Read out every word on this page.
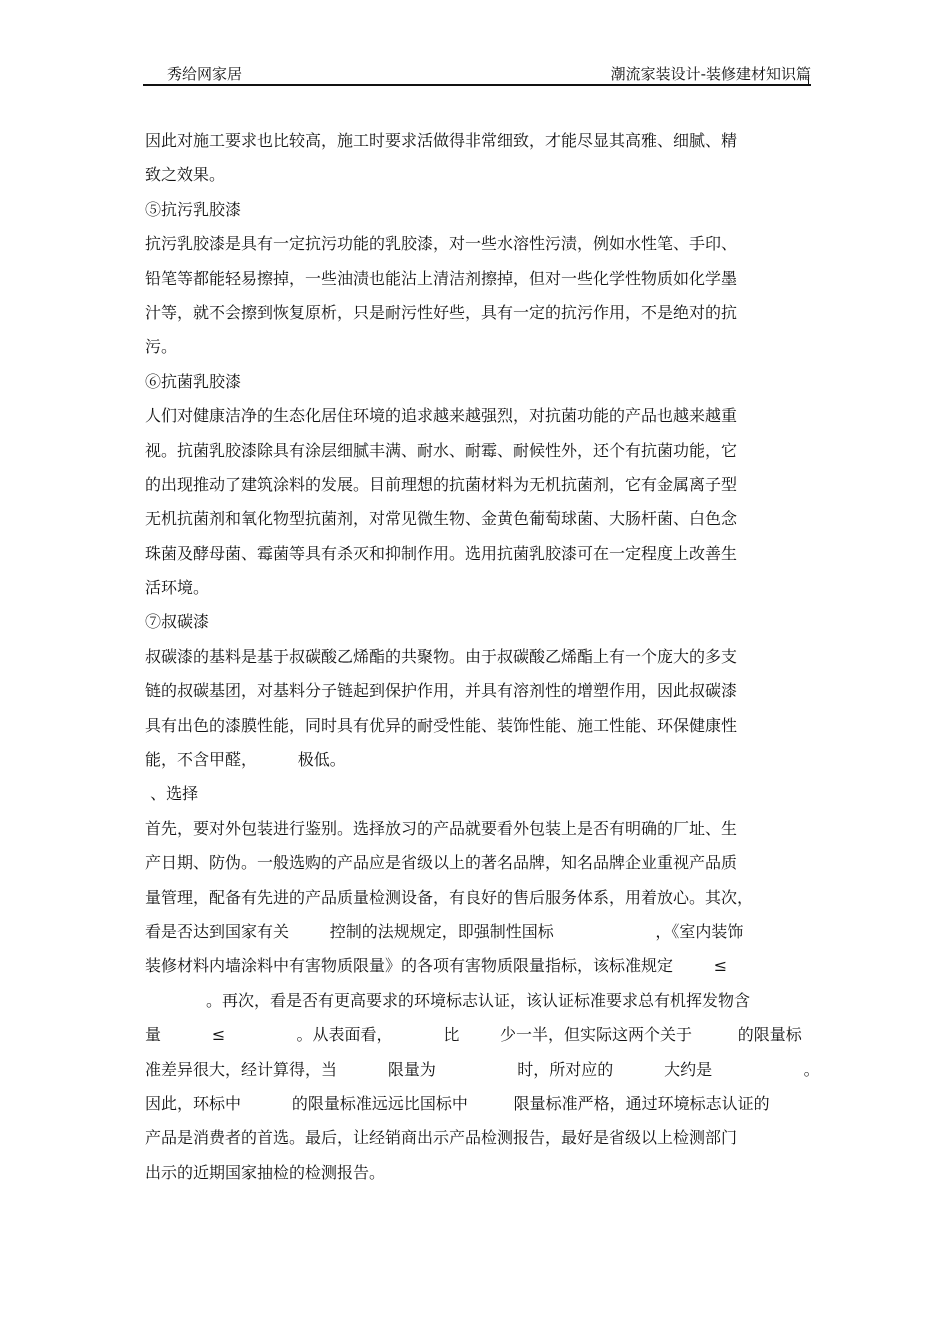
秀给网家居	潮流家装设计-装修建材知识篇
因此对施工要求也比较高，施工时要求活做得非常细致，才能尽显其高雅、细腻、精
致之效果。
⑤抗污乳胶漆
抗污乳胶漆是具有一定抗污功能的乳胶漆，对一些水溶性污渍，例如水性笔、手印、
铅笔等都能轻易擦掉，一些油渍也能沾上清洁剂擦掉，但对一些化学性物质如化学墨
汁等，就不会擦到恢复原析，只是耐污性好些，具有一定的抗污作用，不是绝对的抗
污。
⑥抗菌乳胶漆
人们对健康洁净的生态化居住环境的追求越来越强烈，对抗菌功能的产品也越来越重
视。抗菌乳胶漆除具有涂层细腻丰满、耐水、耐霉、耐候性外，还个有抗菌功能，它
的出现推动了建筑涂料的发展。目前理想的抗菌材料为无机抗菌剂，它有金属离子型
无机抗菌剂和氧化物型抗菌剂，对常见微生物、金黄色葡萄球菌、大肠杆菌、白色念
珠菌及酵母菌、霉菌等具有杀灭和抑制作用。选用抗菌乳胶漆可在一定程度上改善生
活环境。
⑦叔碳漆
叔碳漆的基料是基于叔碳酸乙烯酯的共聚物。由于叔碳酸乙烯酯上有一个庞大的多支
链的叔碳基团，对基料分子链起到保护作用，并具有溶剂性的增塑作用，因此叔碳漆
具有出色的漆膜性能，同时具有优异的耐受性能、装饰性能、施工性能、环保健康性
能，不含甲醛，        极低。
、选择
首先，要对外包装进行鉴别。选择放习的产品就要看外包装上是否有明确的厂址、生
产日期、防伪。一般选购的产品应是省级以上的著名品牌，知名品牌企业重视产品质
量管理，配备有先进的产品质量检测设备，有良好的售后服务体系，用着放心。其次，
看是否达到国家有关        控制的法规规定，即强制性国标                    ，《室内装饰
装修材料内墙涂料中有害物质限量》的各项有害物质限量指标，该标准规定        ≤
。再次，看是否有更高要求的环境标志认证，该认证标准要求总有机挥发物含
量          ≤              。从表面看，          比        少一半，但实际这两个关于         的限量标
准差异很大，经计算得，当          限量为                时，所对应的          大约是                  。
因此，环标中          的限量标准远远比国标中         限量标准严格，通过环境标志认证的
产品是消费者的首选。最后，让经销商出示产品检测报告，最好是省级以上检测部门
出示的近期国家抽检的检测报告。
